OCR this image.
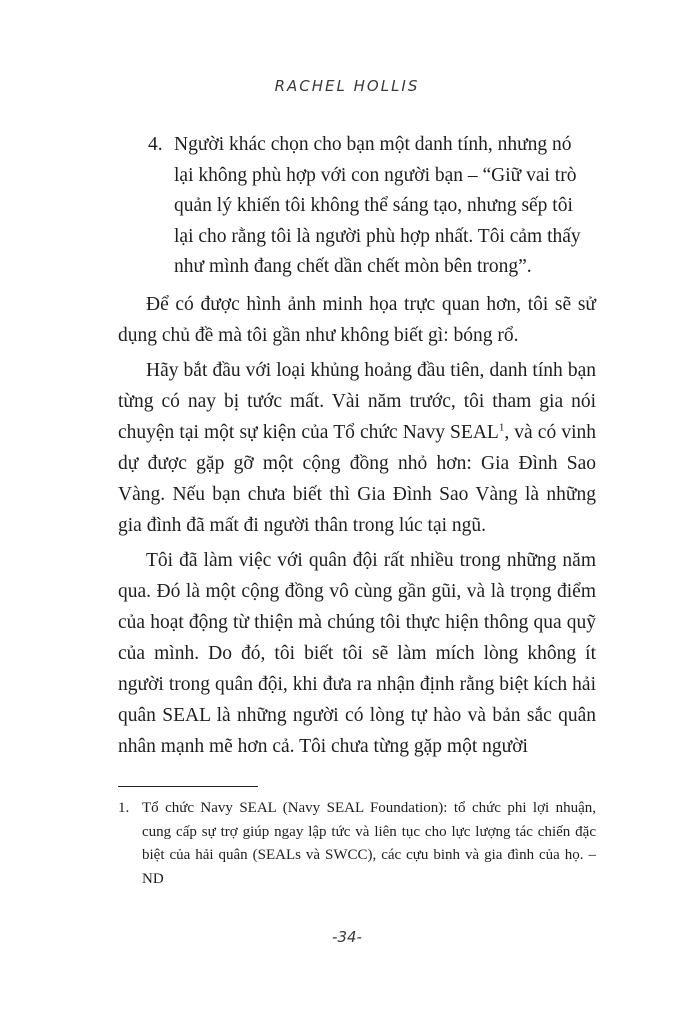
RACHEL HOLLIS
4. Người khác chọn cho bạn một danh tính, nhưng nó lại không phù hợp với con người bạn – “Giữ vai trò quản lý khiến tôi không thể sáng tạo, nhưng sếp tôi lại cho rằng tôi là người phù hợp nhất. Tôi cảm thấy như mình đang chết dần chết mòn bên trong”.

Để có được hình ảnh minh họa trực quan hơn, tôi sẽ sử dụng chủ đề mà tôi gần như không biết gì: bóng rổ.

Hãy bắt đầu với loại khủng hoảng đầu tiên, danh tính bạn từng có nay bị tước mất. Vài năm trước, tôi tham gia nói chuyện tại một sự kiện của Tổ chức Navy SEAL$^1$, và có vinh dự được gặp gỡ một cộng đồng nhỏ hơn: Gia Đình Sao Vàng. Nếu bạn chưa biết thì Gia Đình Sao Vàng là những gia đình đã mất đi người thân trong lúc tại ngũ.

Tôi đã làm việc với quân đội rất nhiều trong những năm qua. Đó là một cộng đồng vô cùng gần gũi, và là trọng điểm của hoạt động từ thiện mà chúng tôi thực hiện thông qua quỹ của mình. Do đó, tôi biết tôi sẽ làm mích lòng không ít người trong quân đội, khi đưa ra nhận định rằng biệt kích hải quân SEAL là những người có lòng tự hào và bản sắc quân nhân mạnh mẽ hơn cả. Tôi chưa từng gặp một người

1. Tổ chức Navy SEAL (Navy SEAL Foundation): tổ chức phi lợi nhuận, cung cấp sự trợ giúp ngay lập tức và liên tục cho lực lượng tác chiến đặc biệt của hải quân (SEALs và SWCC), các cựu binh và gia đình của họ. – ND
-34-
